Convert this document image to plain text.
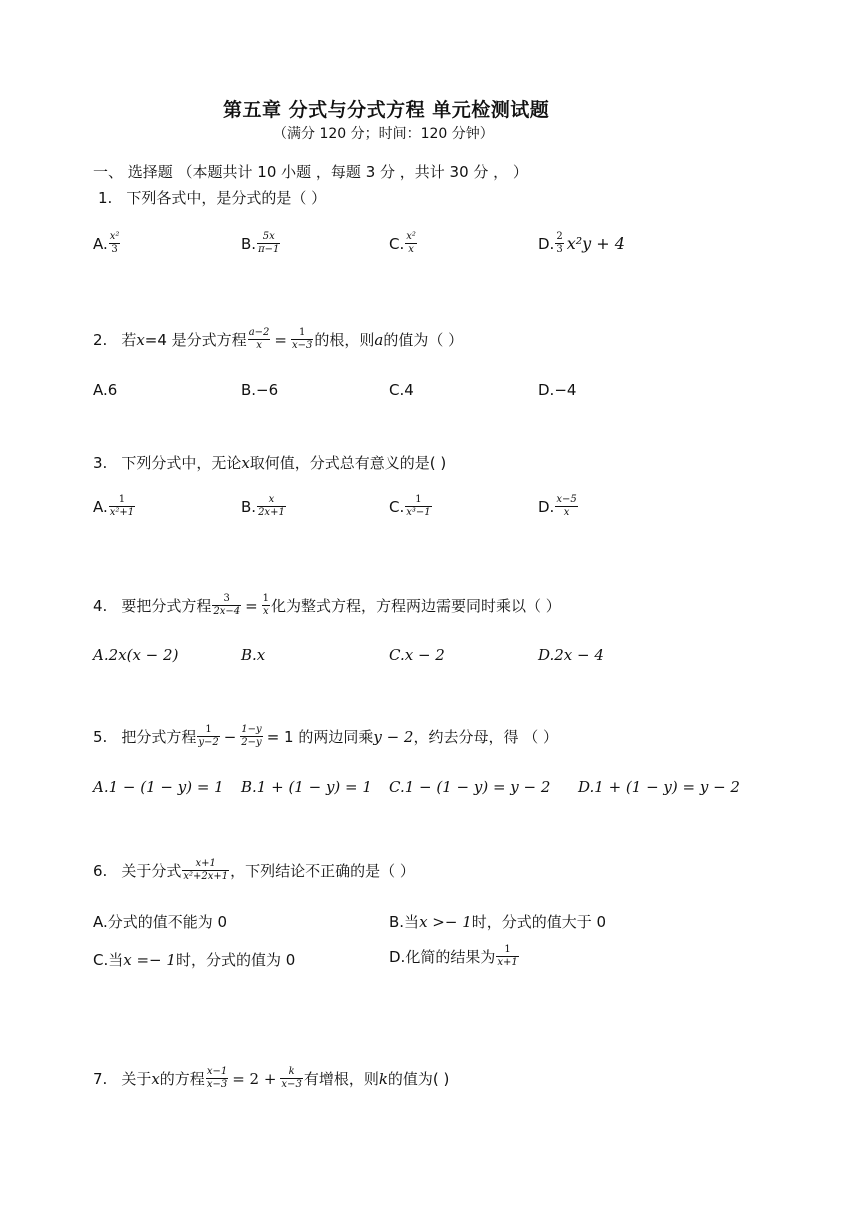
第五章 分式与分式方程 单元检测试题
（满分 120 分；时间：120 分钟）
一、 选择题 （本题共计 10 小题 ，每题 3 分 ，共计 30 分 ， ）
1. 下列各式中，是分式的是（ ）
A. $\frac{\text{x²}}{3}$	B. $\frac{5x}{\pi-1}$	C. $\frac{\text{x²}}{x}$	D. $\frac{2}{3} x^2y + 4$
2. 若 x =4 是分式方程 $\frac{a-2}{x} = \frac{1}{x-3}$ 的根，则 a 的值为（ ）
A.6	B.−6	C.4	D.−4
3. 下列分式中，无论 x 取何值，分式总有意义的是( )
A. $\frac{1}{\text{x²+1}}$	B. $\frac{x}{2x+1}$	C. $\frac{1}{\text{x³−1}}$	D. $\frac{x-5}{x}$
4. 要把分式方程 $\frac{3}{2x-4} = \frac{1}{x}$ 化为整式方程，方程两边需要同时乘以（ ）
A.2x(x − 2)	B.x	C.x − 2	D.2x − 4
5. 把分式方程 $\frac{1}{y-2} - \frac{1-y}{2-y} = 1$ 的两边同乘 y − 2 ，约去分母，得 （ ）
A.1 − (1 − y) = 1 B.1 + (1 − y) = 1 C.1 − (1 − y) = y − 2 D.1 + (1 − y) = y − 2
6. 关于分式 $\frac{x+1}{\text{x²+2x+1}}$ ，下列结论不正确的是（ ）
A.分式的值不能为 0	B.当 x >− 1 时，分式的值大于 0
C.当 x =− 1 时，分式的值为 0	D.化简的结果为 $\frac{1}{x+1}$
7. 关于 x 的方程 $\frac{x-1}{x-3} = 2 + \frac{k}{x-3}$ 有增根，则 k 的值为( )
